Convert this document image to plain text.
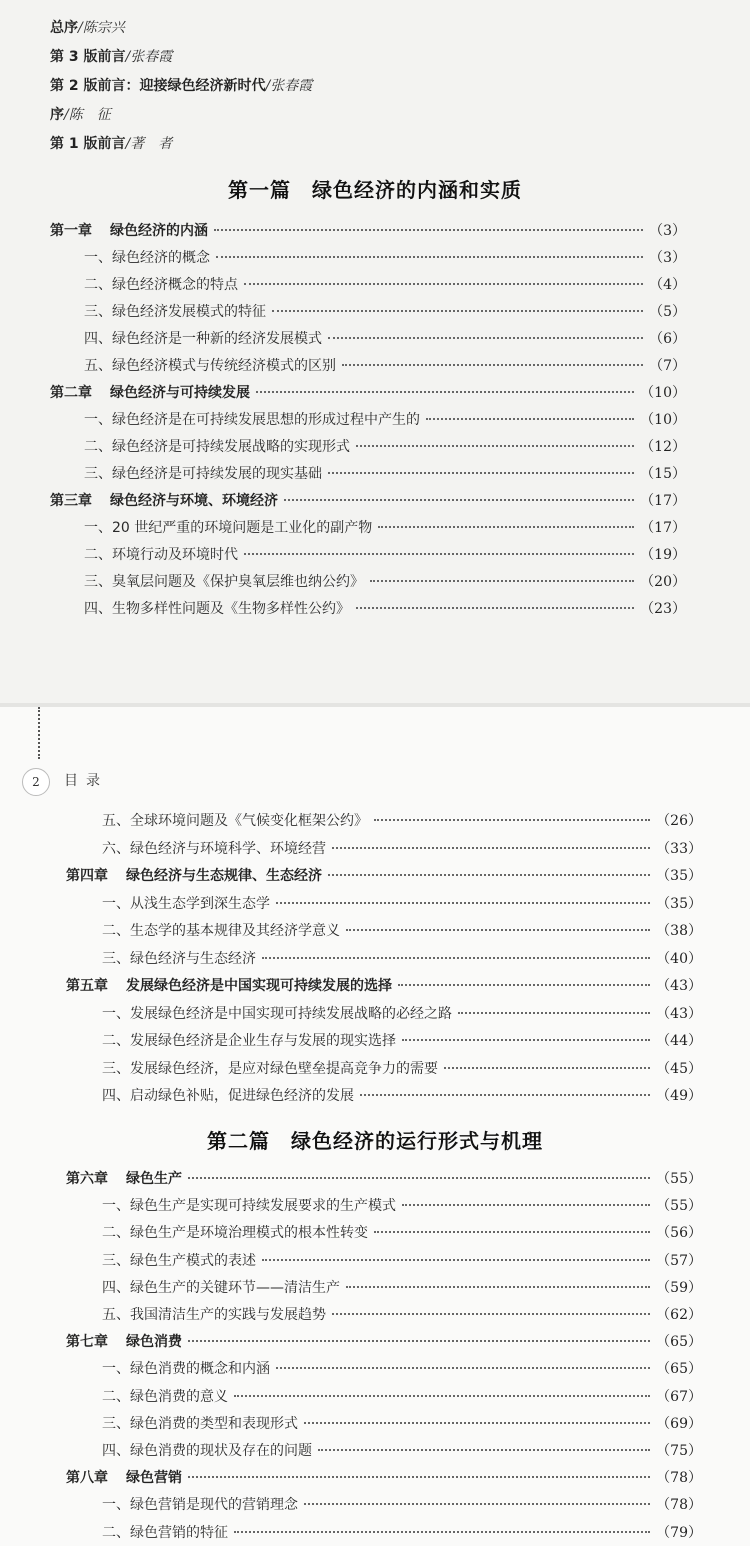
总序/陈宗兴
第 3 版前言/张春霞
第 2 版前言：迎接绿色经济新时代/张春霞
序/陈　征
第 1 版前言/著　者
第一篇　绿色经济的内涵和实质
第一章 绿色经济的内涵	（3）
一、绿色经济的概念	（3）
二、绿色经济概念的特点	（4）
三、绿色经济发展模式的特征	（5）
四、绿色经济是一种新的经济发展模式	（6）
五、绿色经济模式与传统经济模式的区别	（7）
第二章 绿色经济与可持续发展	（10）
一、绿色经济是在可持续发展思想的形成过程中产生的	（10）
二、绿色经济是可持续发展战略的实现形式	（12）
三、绿色经济是可持续发展的现实基础	（15）
第三章 绿色经济与环境、环境经济	（17）
一、20 世纪严重的环境问题是工业化的副产物	（17）
二、环境行动及环境时代	（19）
三、臭氧层问题及《保护臭氧层维也纳公约》	（20）
四、生物多样性问题及《生物多样性公约》	（23）
2	目录
五、全球环境问题及《气候变化框架公约》	（26）
六、绿色经济与环境科学、环境经营	（33）
第四章 绿色经济与生态规律、生态经济	（35）
一、从浅生态学到深生态学	（35）
二、生态学的基本规律及其经济学意义	（38）
三、绿色经济与生态经济	（40）
第五章 发展绿色经济是中国实现可持续发展的选择	（43）
一、发展绿色经济是中国实现可持续发展战略的必经之路	（43）
二、发展绿色经济是企业生存与发展的现实选择	（44）
三、发展绿色经济，是应对绿色壁垒提高竞争力的需要	（45）
四、启动绿色补贴，促进绿色经济的发展	（49）
第二篇　绿色经济的运行形式与机理
第六章 绿色生产	（55）
一、绿色生产是实现可持续发展要求的生产模式	（55）
二、绿色生产是环境治理模式的根本性转变	（56）
三、绿色生产模式的表述	（57）
四、绿色生产的关键环节——清洁生产	（59）
五、我国清洁生产的实践与发展趋势	（62）
第七章 绿色消费	（65）
一、绿色消费的概念和内涵	（65）
二、绿色消费的意义	（67）
三、绿色消费的类型和表现形式	（69）
四、绿色消费的现状及存在的问题	（75）
第八章 绿色营销	（78）
一、绿色营销是现代的营销理念	（78）
二、绿色营销的特征	（79）
